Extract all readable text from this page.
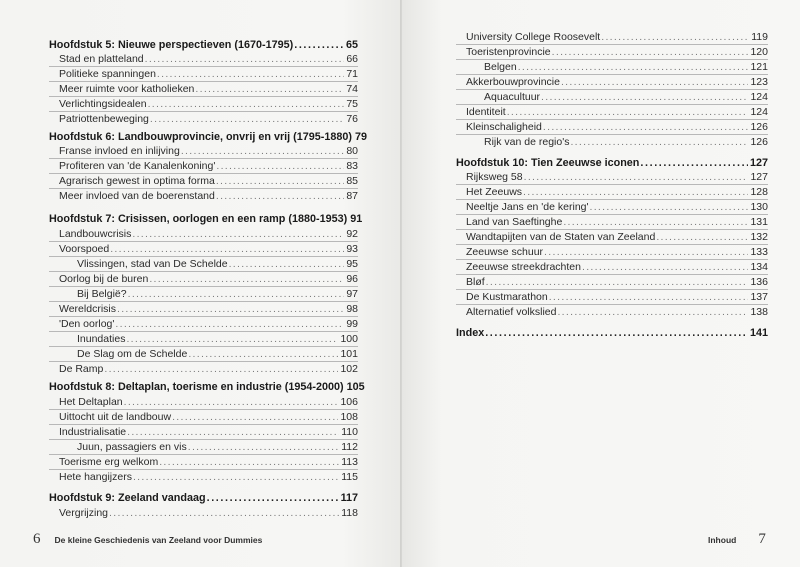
Hoofdstuk 5: Nieuwe perspectieven (1670-1795) .....	65
Stad en platteland .....	66
Politieke spanningen .....	71
Meer ruimte voor katholieken .....	74
Verlichtingsidealen .....	75
Patriottenbeweging .....	76
Hoofdstuk 6: Landbouwprovincie, onvrij en vrij (1795-1880) 79
Franse invloed en inlijving .....	80
Profiteren van 'de Kanalenkoning' .....	83
Agrarisch gewest in optima forma .....	85
Meer invloed van de boerenstand .....	87
Hoofdstuk 7: Crisissen, oorlogen en een ramp (1880-1953) 91
Landbouwcrisis .....	92
Voorspoed .....	93
Vlissingen, stad van De Schelde .....	95
Oorlog bij de buren .....	96
Bij België? .....	97
Wereldcrisis .....	98
'Den oorlog' .....	99
Inundaties .....	100
De Slag om de Schelde .....	101
De Ramp .....	102
Hoofdstuk 8: Deltaplan, toerisme en industrie (1954-2000) 105
Het Deltaplan .....	106
Uittocht uit de landbouw .....	108
Industrialisatie .....	110
Juun, passagiers en vis .....	112
Toerisme erg welkom .....	113
Hete hangijzers .....	115
Hoofdstuk 9: Zeeland vandaag .....	117
Vergrijzing .....	118
6 De kleine Geschiedenis van Zeeland voor Dummies
University College Roosevelt .....	119
Toeristenprovincie .....	120
Belgen .....	121
Akkerbouwprovincie .....	123
Aquacultuur .....	124
Identiteit .....	124
Kleinschaligheid .....	126
Rijk van de regio's .....	126
Hoofdstuk 10: Tien Zeeuwse iconen .....	127
Rijksweg 58 .....	127
Het Zeeuws .....	128
Neeltje Jans en 'de kering' .....	130
Land van Saeftinghe .....	131
Wandtapijten van de Staten van Zeeland .....	132
Zeeuwse schuur .....	133
Zeeuwse streekdrachten .....	134
Bløf .....	136
De Kustmarathon .....	137
Alternatief volkslied .....	138
Index .....	141
Inhoud 7
